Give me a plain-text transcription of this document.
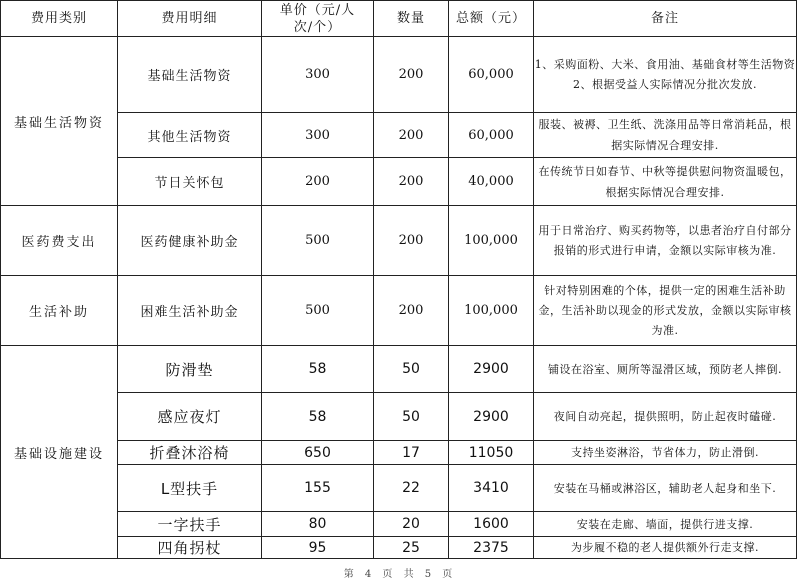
费用类别	费用明细	单价（元/人次/个）	数量	总额（元）	备注
基础生活物资	基础生活物资	300	200	60,000	1、采购面粉、大米、食用油、基础食材等生活物资 2、根据受益人实际情况分批次发放.
	其他生活物资	300	200	60,000	服装、被褥、卫生纸、洗涤用品等日常消耗品，根据实际情况合理安排.
	节日关怀包	200	200	40,000	在传统节日如春节、中秋等提供慰问物资温暖包，根据实际情况合理安排.
医药费支出	医药健康补助金	500	200	100,000	用于日常治疗、购买药物等，以患者治疗自付部分报销的形式进行申请，金额以实际审核为准.
生活补助	困难生活补助金	500	200	100,000	针对特别困难的个体，提供一定的困难生活补助金，生活补助以现金的形式发放，金额以实际审核为准.
基础设施建设	防滑垫	58	50	2900	铺设在浴室、厕所等湿滑区域，预防老人摔倒.
	感应夜灯	58	50	2900	夜间自动亮起，提供照明，防止起夜时磕碰.
	折叠沐浴椅	650	17	11050	支持坐姿淋浴，节省体力，防止滑倒.
	L型扶手	155	22	3410	安装在马桶或淋浴区，辅助老人起身和坐下.
	一字扶手	80	20	1600	安装在走廊、墙面，提供行进支撑.
	四角拐杖	95	25	2375	为步履不稳的老人提供额外行走支撑.
第 4 页 共 5 页
